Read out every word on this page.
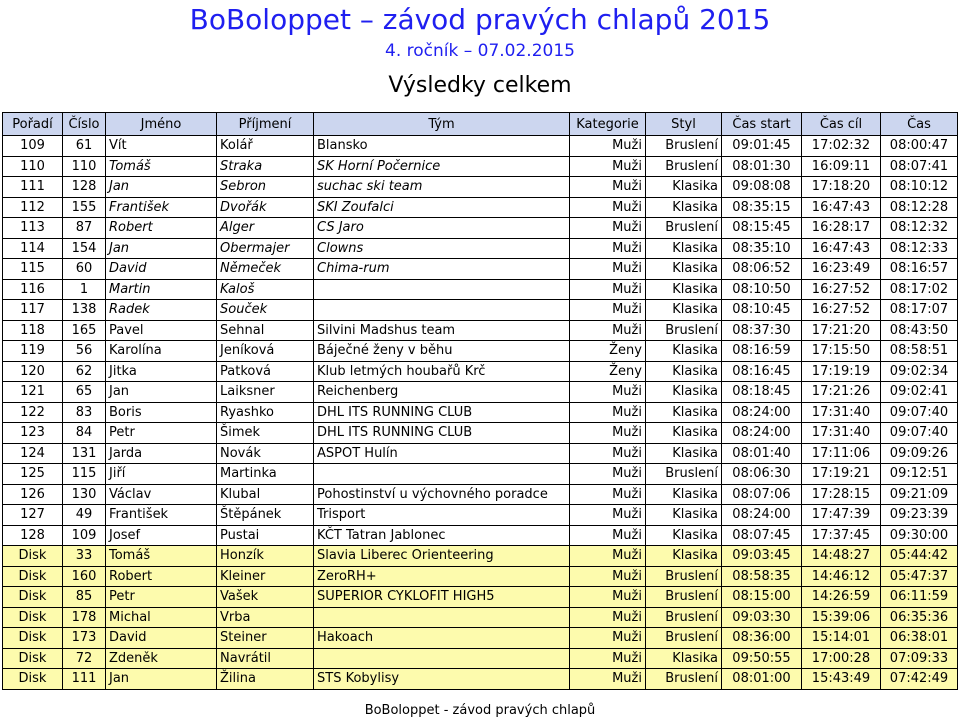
BoBoloppet – závod pravých chlapů 2015
4. ročník – 07.02.2015
Výsledky celkem
Pořadí	Číslo	Jméno	Příjmení	Tým	Kategorie	Styl	Čas start	Čas cíl	Čas
109	61	Vít	Kolář	Blansko	Muži	Bruslení	09:01:45	17:02:32	08:00:47
110	110	Tomáš	Straka	SK Horní Počernice	Muži	Bruslení	08:01:30	16:09:11	08:07:41
111	128	Jan	Sebron	suchac ski team	Muži	Klasika	09:08:08	17:18:20	08:10:12
112	155	František	Dvořák	SKI Zoufalci	Muži	Klasika	08:35:15	16:47:43	08:12:28
113	87	Robert	Alger	CS Jaro	Muži	Bruslení	08:15:45	16:28:17	08:12:32
114	154	Jan	Obermajer	Clowns	Muži	Klasika	08:35:10	16:47:43	08:12:33
115	60	David	Němeček	Chima-rum	Muži	Klasika	08:06:52	16:23:49	08:16:57
116	1	Martin	Kaloš		Muži	Klasika	08:10:50	16:27:52	08:17:02
117	138	Radek	Souček		Muži	Klasika	08:10:45	16:27:52	08:17:07
118	165	Pavel	Sehnal	Silvini Madshus team	Muži	Bruslení	08:37:30	17:21:20	08:43:50
119	56	Karolína	Jeníková	Báječné ženy v běhu	Ženy	Klasika	08:16:59	17:15:50	08:58:51
120	62	Jitka	Patková	Klub letmých houbařů Krč	Ženy	Klasika	08:16:45	17:19:19	09:02:34
121	65	Jan	Laiksner	Reichenberg	Muži	Klasika	08:18:45	17:21:26	09:02:41
122	83	Boris	Ryashko	DHL ITS RUNNING CLUB	Muži	Klasika	08:24:00	17:31:40	09:07:40
123	84	Petr	Šimek	DHL ITS RUNNING CLUB	Muži	Klasika	08:24:00	17:31:40	09:07:40
124	131	Jarda	Novák	ASPOT Hulín	Muži	Klasika	08:01:40	17:11:06	09:09:26
125	115	Jiří	Martinka		Muži	Bruslení	08:06:30	17:19:21	09:12:51
126	130	Václav	Klubal	Pohostinství u výchovného poradce	Muži	Klasika	08:07:06	17:28:15	09:21:09
127	49	František	Štěpánek	Trisport	Muži	Klasika	08:24:00	17:47:39	09:23:39
128	109	Josef	Pustai	KČT Tatran Jablonec	Muži	Klasika	08:07:45	17:37:45	09:30:00
Disk	33	Tomáš	Honzík	Slavia Liberec Orienteering	Muži	Klasika	09:03:45	14:48:27	05:44:42
Disk	160	Robert	Kleiner	ZeroRH+	Muži	Bruslení	08:58:35	14:46:12	05:47:37
Disk	85	Petr	Vašek	SUPERIOR CYKLOFIT HIGH5	Muži	Bruslení	08:15:00	14:26:59	06:11:59
Disk	178	Michal	Vrba		Muži	Bruslení	09:03:30	15:39:06	06:35:36
Disk	173	David	Steiner	Hakoach	Muži	Bruslení	08:36:00	15:14:01	06:38:01
Disk	72	Zdeněk	Navrátil		Muži	Klasika	09:50:55	17:00:28	07:09:33
Disk	111	Jan	Žilina	STS Kobylisy	Muži	Bruslení	08:01:00	15:43:49	07:42:49
BoBoloppet - závod pravých chlapů
